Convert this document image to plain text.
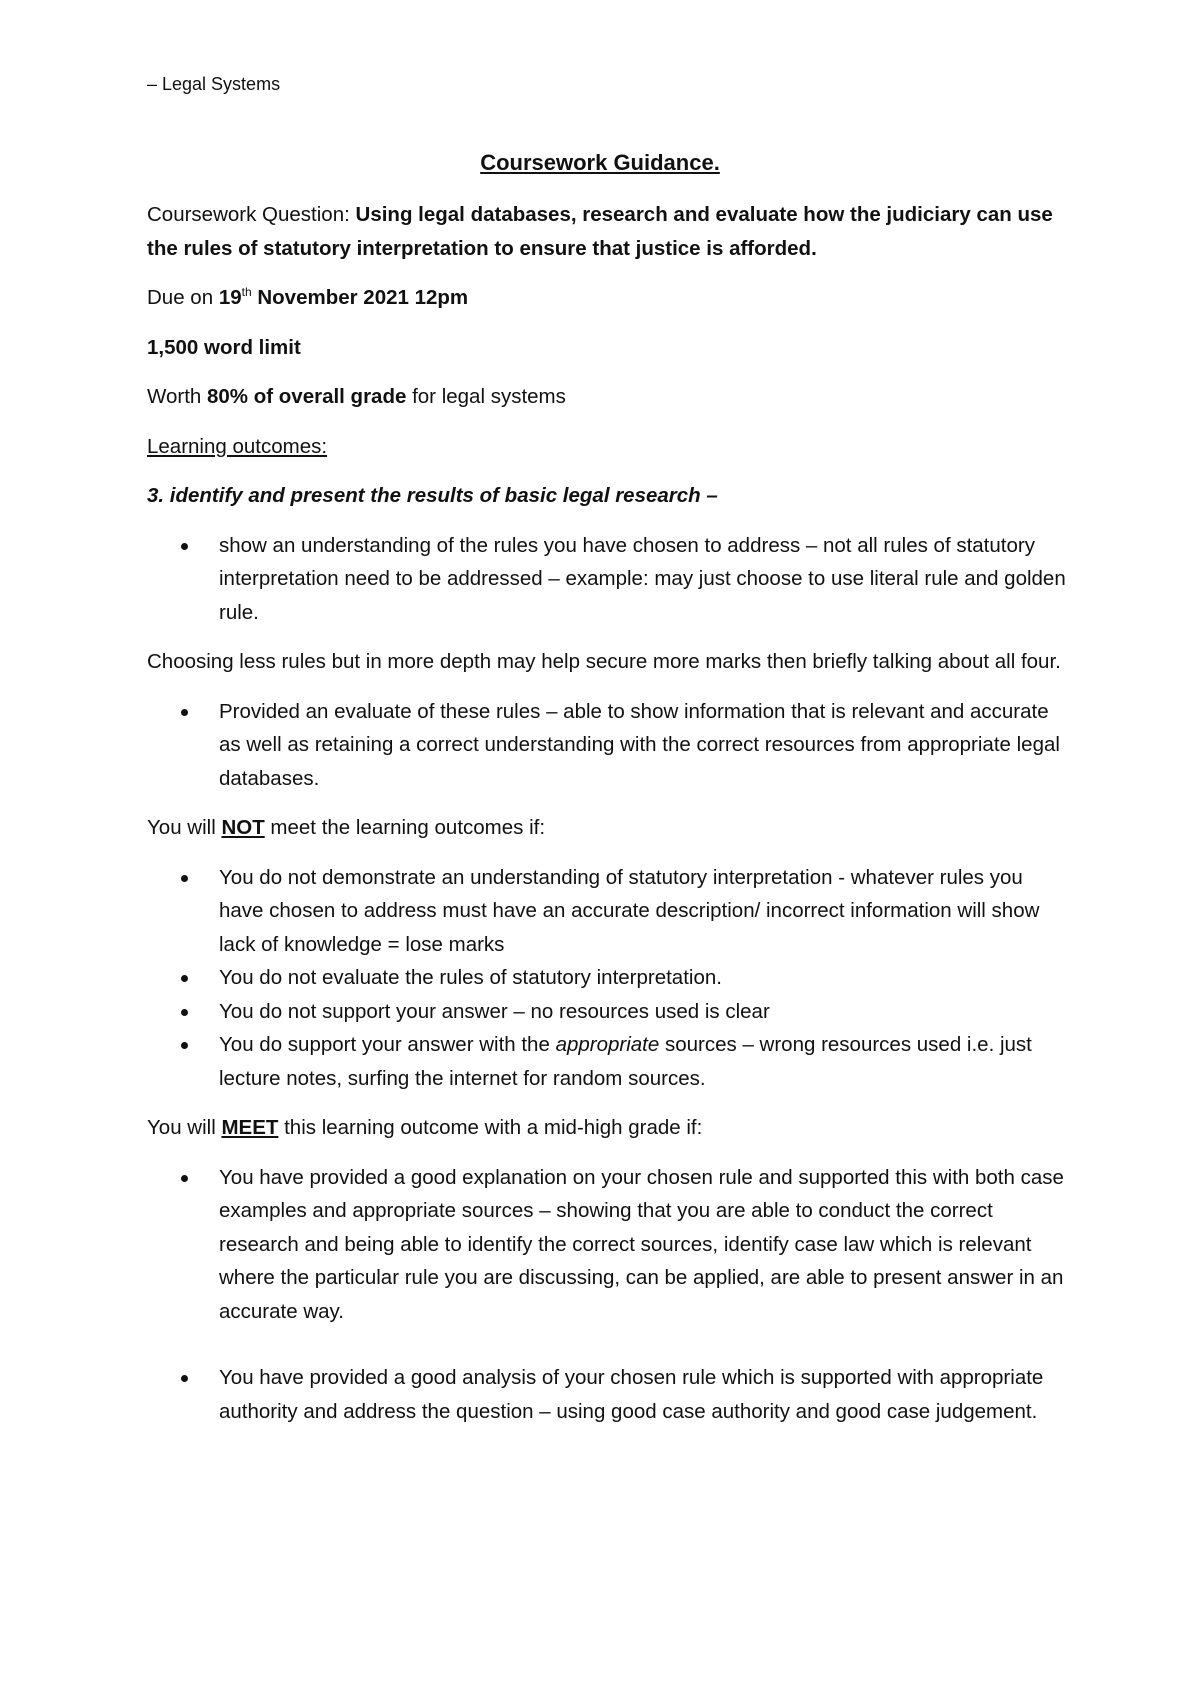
– Legal Systems
Coursework Guidance.

Coursework Question: Using legal databases, research and evaluate how the judiciary can use the rules of statutory interpretation to ensure that justice is afforded.

Due on 19th November 2021 12pm

1,500 word limit

Worth 80% of overall grade for legal systems

Learning outcomes:

3. identify and present the results of basic legal research –

show an understanding of the rules you have chosen to address – not all rules of statutory interpretation need to be addressed – example: may just choose to use literal rule and golden rule.

Choosing less rules but in more depth may help secure more marks then briefly talking about all four.

Provided an evaluate of these rules – able to show information that is relevant and accurate as well as retaining a correct understanding with the correct resources from appropriate legal databases.

You will NOT meet the learning outcomes if:

You do not demonstrate an understanding of statutory interpretation - whatever rules you have chosen to address must have an accurate description/ incorrect information will show lack of knowledge = lose marks
You do not evaluate the rules of statutory interpretation.
You do not support your answer – no resources used is clear
You do support your answer with the appropriate sources – wrong resources used i.e. just lecture notes, surfing the internet for random sources.

You will MEET this learning outcome with a mid-high grade if:

You have provided a good explanation on your chosen rule and supported this with both case examples and appropriate sources – showing that you are able to conduct the correct research and being able to identify the correct sources, identify case law which is relevant where the particular rule you are discussing, can be applied, are able to present answer in an accurate way.
You have provided a good analysis of your chosen rule which is supported with appropriate authority and address the question – using good case authority and good case judgement.
